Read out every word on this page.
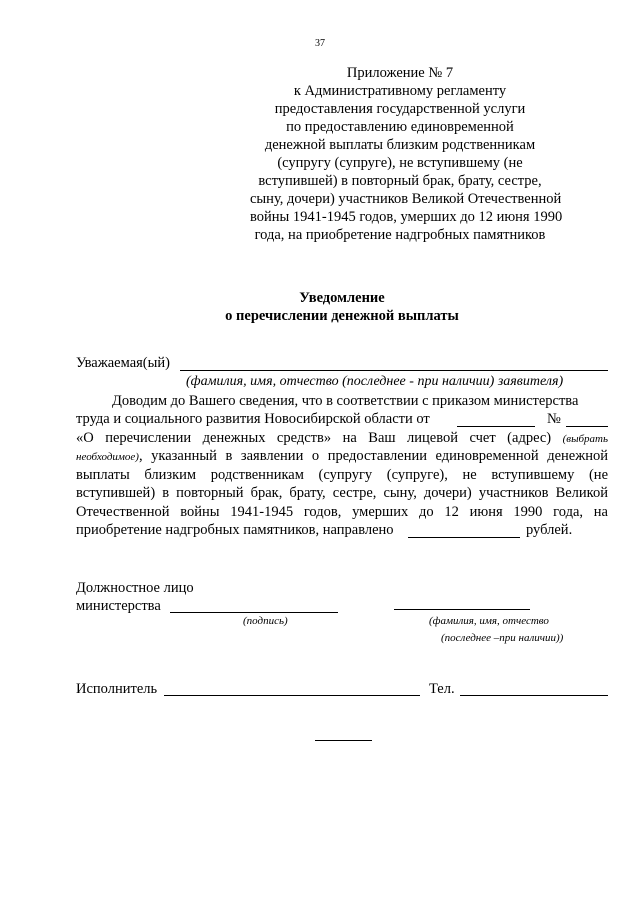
37
Приложение № 7
к Административному регламенту
предоставления государственной услуги
по предоставлению единовременной
денежной выплаты близким родственникам
(супругу (супруге), не вступившему (не
вступившей) в повторный брак, брату, сестре,
сыну, дочери) участников Великой Отечественной
войны 1941-1945 годов, умерших до 12 июня 1990
года, на приобретение надгробных памятников
Уведомление
о перечислении денежной выплаты
Уважаемая(ый)
(фамилия, имя, отчество (последнее - при наличии) заявителя)
Доводим до Вашего сведения, что в соответствии с приказом министерства
труда и социального развития Новосибирской области от	№
«О перечислении денежных средств» на Ваш лицевой счет (адрес) (выбрать
необходимое), указанный в заявлении о предоставлении единовременной денежной
выплаты близким родственникам (супругу (супруге), не вступившему (не
вступившей) в повторный брак, брату, сестре, сыну, дочери) участников Великой
Отечественной войны 1941-1945 годов, умерших до 12 июня 1990 года, на
приобретение надгробных памятников, направлено	рублей.
Должностное лицо
министерства
(подпись)	(фамилия, имя, отчество
(последнее –при наличии))
Исполнитель	Тел.
